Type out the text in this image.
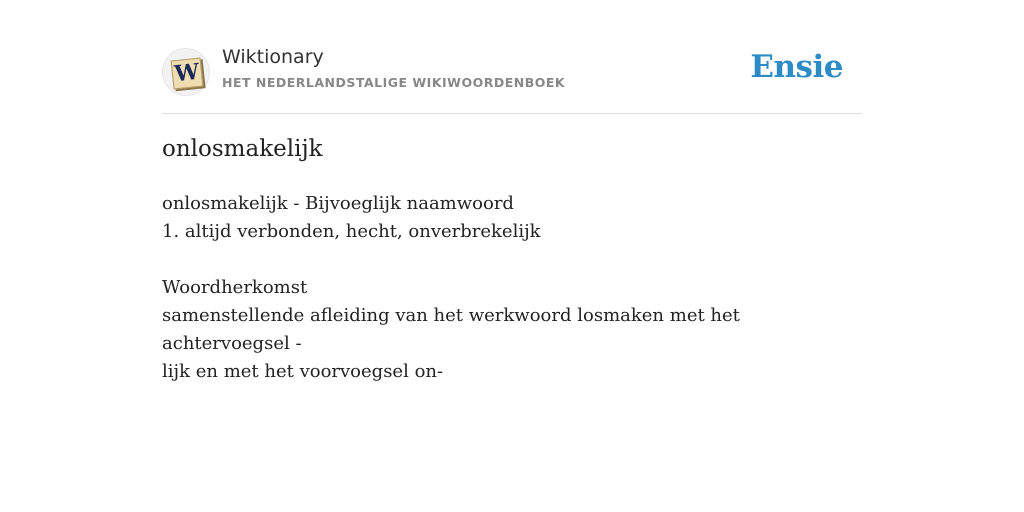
W
Wiktionary
HET NEDERLANDSTALIGE WIKIWOORDENBOEK	Ensie
onlosmakelijk

onlosmakelijk - Bijvoeglijk naamwoord

1. altijd verbonden, hecht, onverbrekelijk

Woordherkomst

samenstellende afleiding van het werkwoord losmaken met het achtervoegsel -
lijk en met het voorvoegsel on-
